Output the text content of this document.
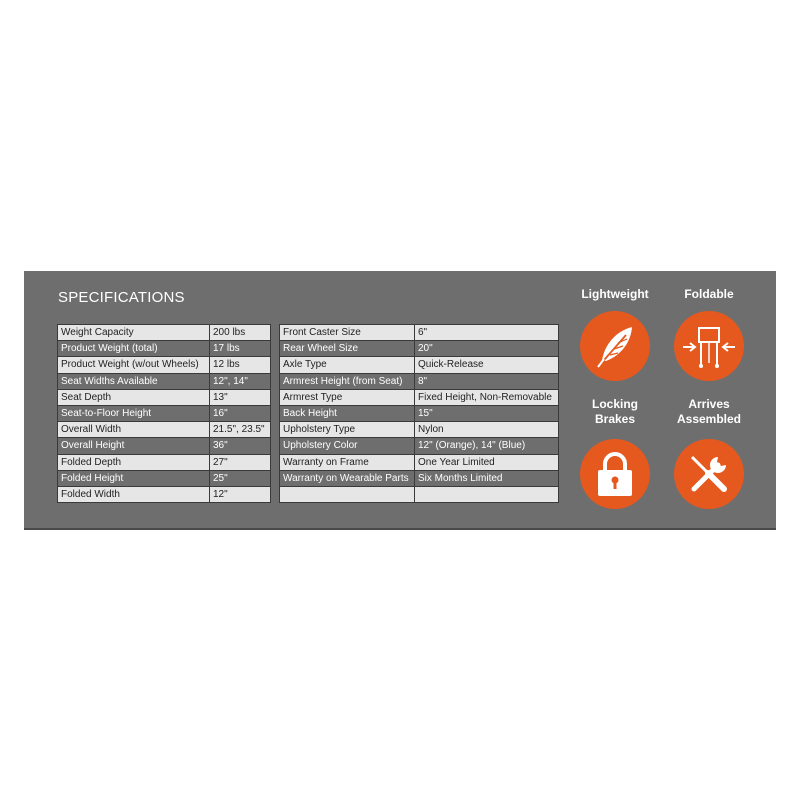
SPECIFICATIONS
Weight Capacity	200 lbs
Product Weight (total)	17 lbs
Product Weight (w/out Wheels)	12 lbs
Seat Widths Available	12", 14"
Seat Depth	13"
Seat-to-Floor Height	16"
Overall Width	21.5", 23.5"
Overall Height	36"
Folded Depth	27"
Folded Height	25"
Folded Width	12"
Front Caster Size	6"
Rear Wheel Size	20"
Axle Type	Quick-Release
Armrest Height (from Seat)	8"
Armrest Type	Fixed Height, Non-Removable
Back Height	15"
Upholstery Type	Nylon
Upholstery Color	12" (Orange), 14" (Blue)
Warranty on Frame	One Year Limited
Warranty on Wearable Parts	Six Months Limited

Lightweight	Foldable
Locking
Brakes
Arrives
Assembled
